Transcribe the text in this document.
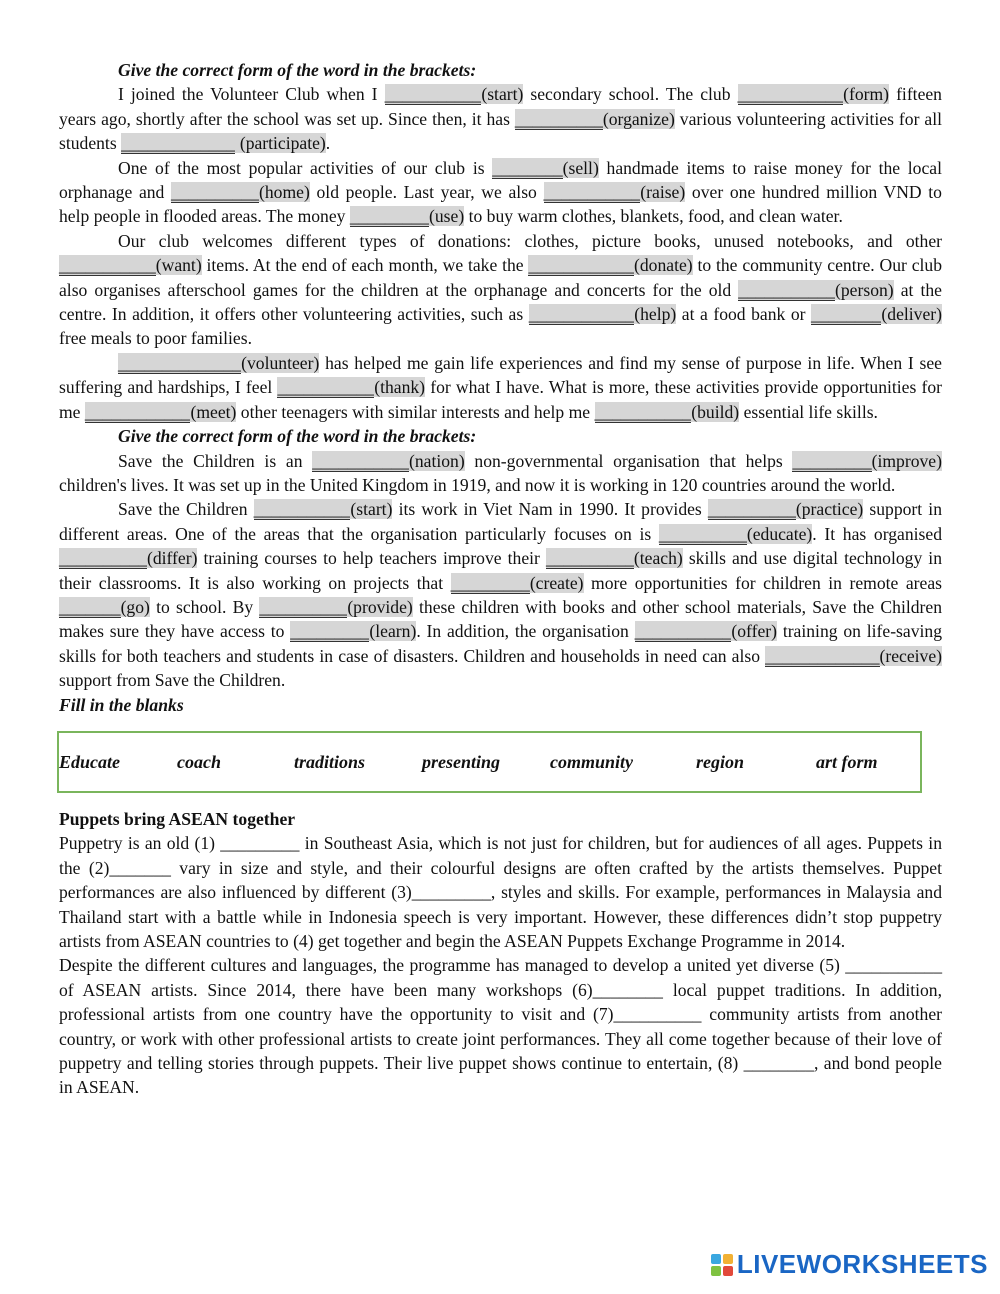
Give the correct form of the word in the brackets:

I joined the Volunteer Club when I ___________(start) secondary school. The club ____________(form) fifteen years ago, shortly after the school was set up. Since then, it has __________(organize) various volunteering activities for all students _____________ (participate).

One of the most popular activities of our club is ________(sell) handmade items to raise money for the local orphanage and __________(home) old people. Last year, we also ___________(raise) over one hundred million VND to help people in flooded areas. The money _________(use) to buy warm clothes, blankets, food, and clean water.

Our club welcomes different types of donations: clothes, picture books, unused notebooks, and other ___________(want) items. At the end of each month, we take the ____________(donate) to the community centre. Our club also organises afterschool games for the children at the orphanage and concerts for the old ___________(person) at the centre. In addition, it offers other volunteering activities, such as ____________(help) at a food bank or ________(deliver) free meals to poor families.

______________(volunteer) has helped me gain life experiences and find my sense of purpose in life. When I see suffering and hardships, I feel ___________(thank) for what I have. What is more, these activities provide opportunities for me ____________(meet) other teenagers with similar interests and help me ___________(build) essential life skills.

Give the correct form of the word in the brackets:

Save the Children is an ___________(nation) non-governmental organisation that helps _________(improve) children's lives. It was set up in the United Kingdom in 1919, and now it is working in 120 countries around the world.

Save the Children ___________(start) its work in Viet Nam in 1990. It provides __________(practice) support in different areas. One of the areas that the organisation particularly focuses on is __________(educate). It has organised __________(differ) training courses to help teachers improve their __________(teach) skills and use digital technology in their classrooms. It is also working on projects that _________(create) more opportunities for children in remote areas _______(go) to school. By __________(provide) these children with books and other school materials, Save the Children makes sure they have access to _________(learn). In addition, the organisation ___________(offer) training on life-saving skills for both teachers and students in case of disasters. Children and households in need can also _____________(receive) support from Save the Children.

Fill in the blanks

Educate	coach	traditions	presenting	community	region	art form

Puppets bring ASEAN together

Puppetry is an old (1) _________ in Southeast Asia, which is not just for children, but for audiences of all ages. Puppets in the (2)_______ vary in size and style, and their colourful designs are often crafted by the artists themselves. Puppet performances are also influenced by different (3)_________, styles and skills. For example, performances in Malaysia and Thailand start with a battle while in Indonesia speech is very important. However, these differences didn’t stop puppetry artists from ASEAN countries to (4) get together and begin the ASEAN Puppets Exchange Programme in 2014.

Despite the different cultures and languages, the programme has managed to develop a united yet diverse (5) ___________ of ASEAN artists. Since 2014, there have been many workshops (6)________ local puppet traditions. In addition, professional artists from one country have the opportunity to visit and (7)__________ community artists from another country, or work with other professional artists to create joint performances. They all come together because of their love of puppetry and telling stories through puppets. Their live puppet shows continue to entertain, (8) ________, and bond people in ASEAN.

LIVEWORKSHEETS
